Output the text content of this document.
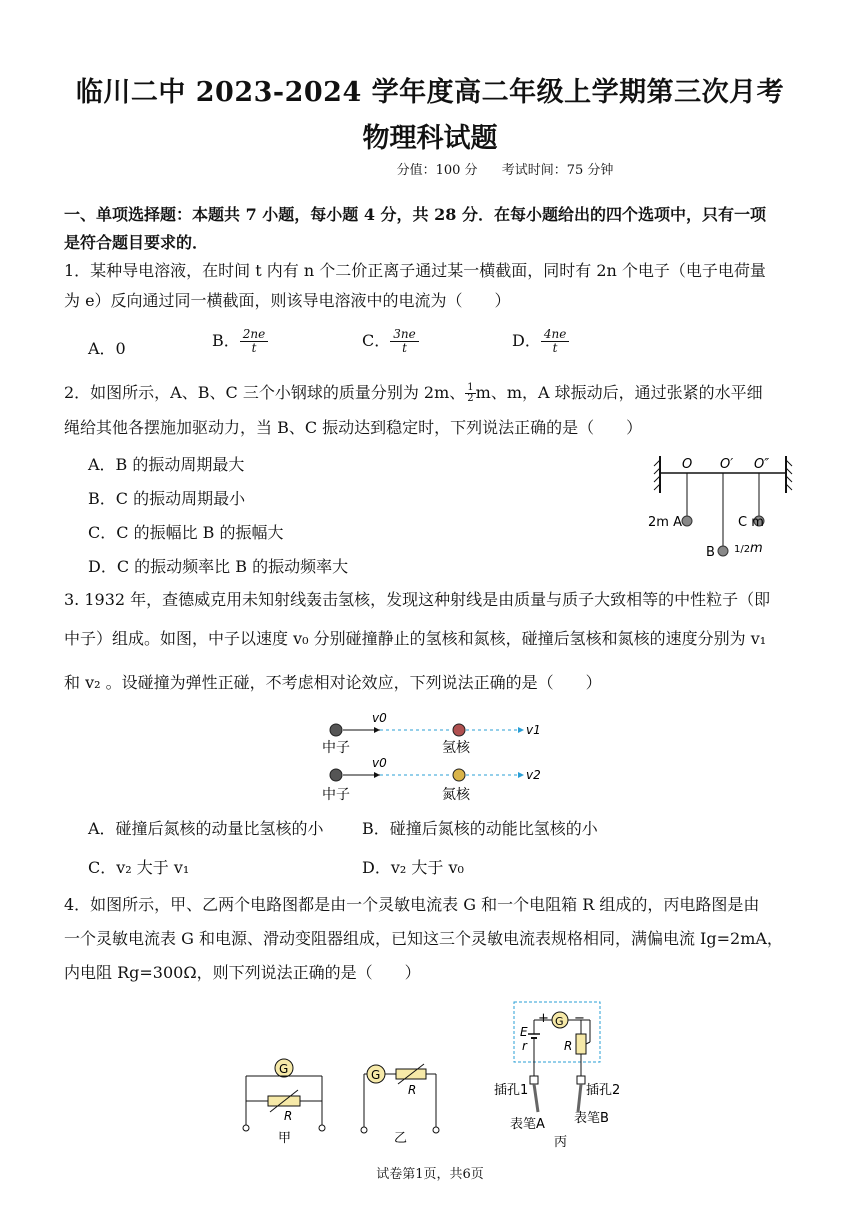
临川二中 2023-2024 学年度高二年级上学期第三次月考
物理科试题
分值：100 分 考试时间：75 分钟
一、单项选择题：本题共 7 小题，每小题 4 分，共 28 分．在每小题给出的四个选项中，只有一项
是符合题目要求的．
1．某种导电溶液，在时间 t 内有 n 个二价正离子通过某一横截面，同时有 2n 个电子（电子电荷量
为 e）反向通过同一横截面，则该导电溶液中的电流为（　　）
A．0	B． $\frac{2ne}{t}$	C． $\frac{3ne}{t}$	D． $\frac{4ne}{t}$
2．如图所示，A、B、C 三个小钢球的质量分别为 2m、 $\frac{1}{2}m$、m，A 球振动后，通过张紧的水平细
绳给其他各摆施加驱动力，当 B、C 振动达到稳定时，下列说法正确的是（　　）
A．B 的振动周期最大
B．C 的振动周期最小
C．C 的振幅比 B 的振幅大
D．C 的振动频率比 B 的振动频率大
O O′ O″
2m A	C m
B 1/2 m
3. 1932 年，查德威克用未知射线轰击氢核，发现这种射线是由质量与质子大致相等的中性粒子（即
中子）组成。如图，中子以速度 v₀ 分别碰撞静止的氢核和氮核，碰撞后氢核和氮核的速度分别为 v₁
和 v₂ 。设碰撞为弹性正碰，不考虑相对论效应，下列说法正确的是（　　）
v0
v1
中子	氢核
v0
v2
中子	氮核
A．碰撞后氮核的动量比氢核的小 B．碰撞后氮核的动能比氢核的小
C．v₂ 大于 v₁	D．v₂ 大于 v₀
4．如图所示，甲、乙两个电路图都是由一个灵敏电流表 G 和一个电阻箱 R 组成的，丙电路图是由
一个灵敏电流表 G 和电源、滑动变阻器组成，已知这三个灵敏电流表规格相同，满偏电流 Ig=2mA，
内电阻 Rg=300Ω，则下列说法正确的是（　　）
G
R
甲
G
R
乙
+ G −
E
r	R
插孔1	插孔2
表笔A 表笔B
丙
试卷第1页，共6页
